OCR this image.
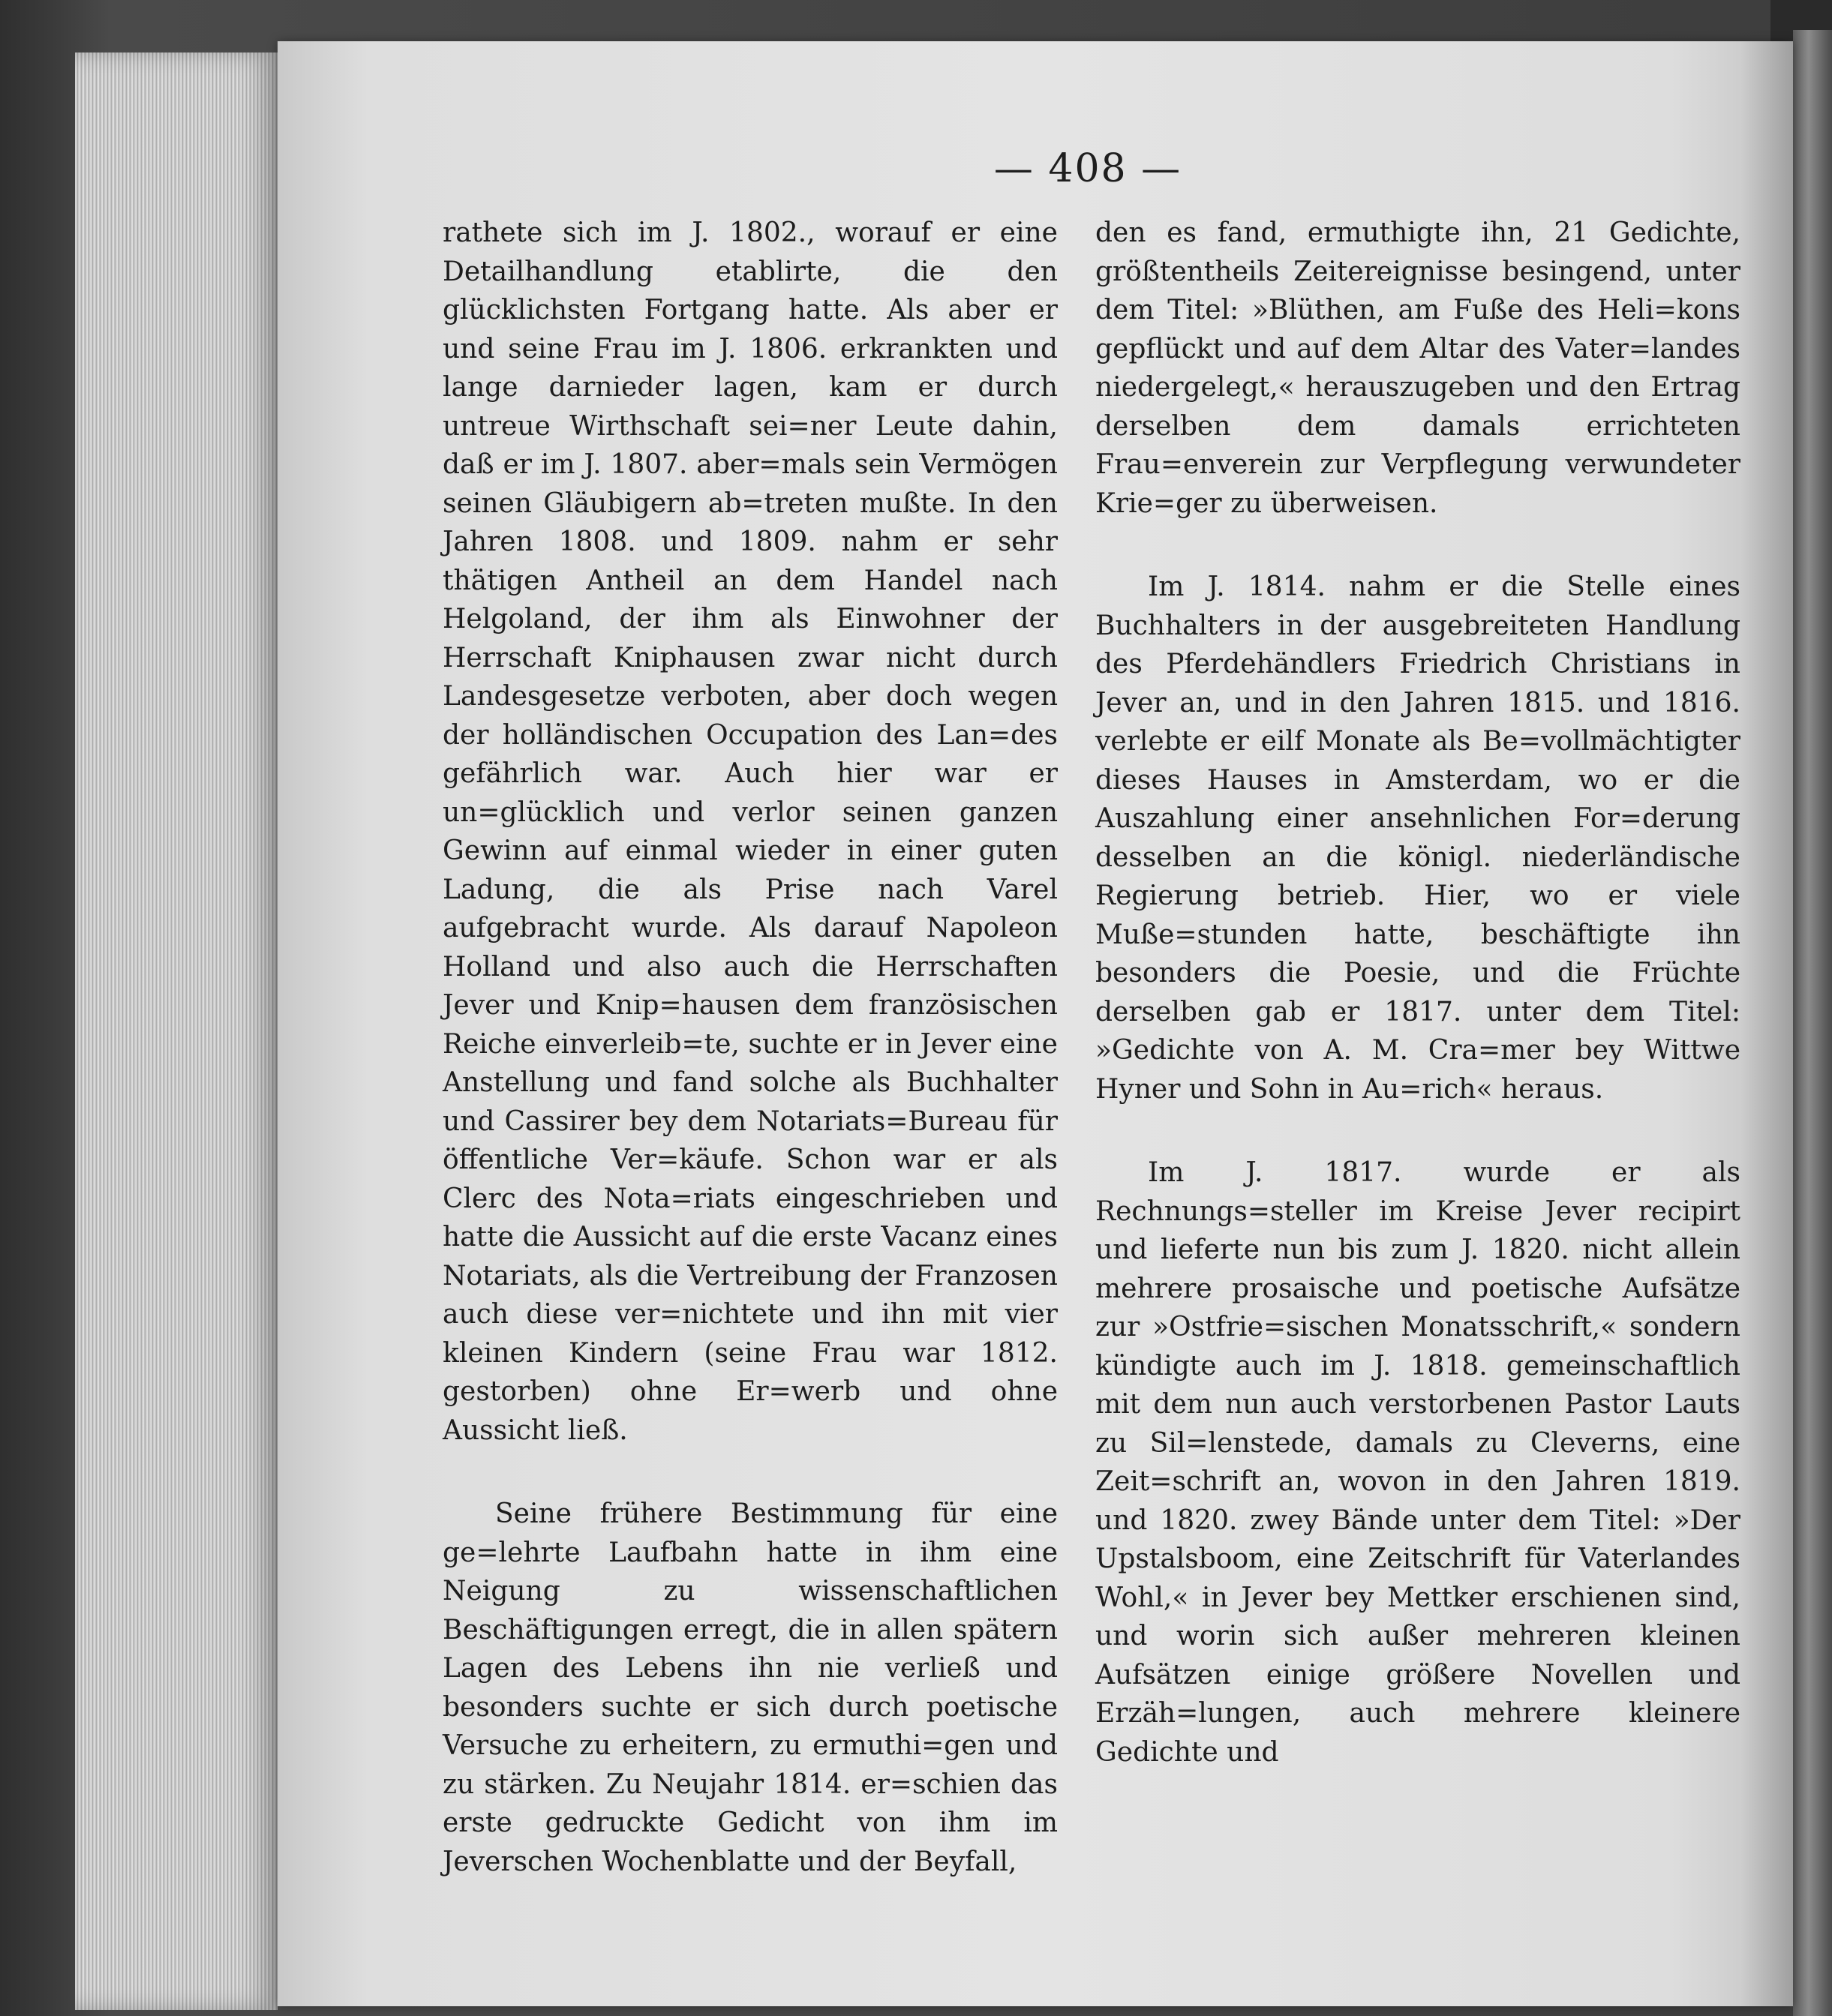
— 408 —

rathete sich im J. 1802., worauf er eine Detailhandlung etablirte, die den glücklichsten Fortgang hatte. Als aber er und seine Frau im J. 1806. erkrankten und lange darnieder lagen, kam er durch untreue Wirthschaft sei=ner Leute dahin, daß er im J. 1807. aber=mals sein Vermögen seinen Gläubigern ab=treten mußte. In den Jahren 1808. und 1809. nahm er sehr thätigen Antheil an dem Handel nach Helgoland, der ihm als Einwohner der Herrschaft Kniphausen zwar nicht durch Landesgesetze verboten, aber doch wegen der holländischen Occupation des Lan=des gefährlich war. Auch hier war er un=glücklich und verlor seinen ganzen Gewinn auf einmal wieder in einer guten Ladung, die als Prise nach Varel aufgebracht wurde. Als darauf Napoleon Holland und also auch die Herrschaften Jever und Knip=hausen dem französischen Reiche einverleib=te, suchte er in Jever eine Anstellung und fand solche als Buchhalter und Cassirer bey dem Notariats=Bureau für öffentliche Ver=käufe. Schon war er als Clerc des Nota=riats eingeschrieben und hatte die Aussicht auf die erste Vacanz eines Notariats, als die Vertreibung der Franzosen auch diese ver=nichtete und ihn mit vier kleinen Kindern (seine Frau war 1812. gestorben) ohne Er=werb und ohne Aussicht ließ.

Seine frühere Bestimmung für eine ge=lehrte Laufbahn hatte in ihm eine Neigung zu wissenschaftlichen Beschäftigungen erregt, die in allen spätern Lagen des Lebens ihn nie verließ und besonders suchte er sich durch poetische Versuche zu erheitern, zu ermuthi=gen und zu stärken. Zu Neujahr 1814. er=schien das erste gedruckte Gedicht von ihm im Jeverschen Wochenblatte und der Beyfall,

den es fand, ermuthigte ihn, 21 Gedichte, größtentheils Zeitereignisse besingend, unter dem Titel: »Blüthen, am Fuße des Heli=kons gepflückt und auf dem Altar des Vater=landes niedergelegt,« herauszugeben und den Ertrag derselben dem damals errichteten Frau=enverein zur Verpflegung verwundeter Krie=ger zu überweisen.

Im J. 1814. nahm er die Stelle eines Buchhalters in der ausgebreiteten Handlung des Pferdehändlers Friedrich Christians in Jever an, und in den Jahren 1815. und 1816. verlebte er eilf Monate als Be=vollmächtigter dieses Hauses in Amsterdam, wo er die Auszahlung einer ansehnlichen For=derung desselben an die königl. niederländische Regierung betrieb. Hier, wo er viele Muße=stunden hatte, beschäftigte ihn besonders die Poesie, und die Früchte derselben gab er 1817. unter dem Titel: »Gedichte von A. M. Cra=mer bey Wittwe Hyner und Sohn in Au=rich« heraus.

Im J. 1817. wurde er als Rechnungs=steller im Kreise Jever recipirt und lieferte nun bis zum J. 1820. nicht allein mehrere prosaische und poetische Aufsätze zur »Ostfrie=sischen Monatsschrift,« sondern kündigte auch im J. 1818. gemeinschaftlich mit dem nun auch verstorbenen Pastor Lauts zu Sil=lenstede, damals zu Cleverns, eine Zeit=schrift an, wovon in den Jahren 1819. und 1820. zwey Bände unter dem Titel: »Der Upstalsboom, eine Zeitschrift für Vaterlandes Wohl,« in Jever bey Mettker erschienen sind, und worin sich außer mehreren kleinen Aufsätzen einige größere Novellen und Erzäh=lungen, auch mehrere kleinere Gedichte und
